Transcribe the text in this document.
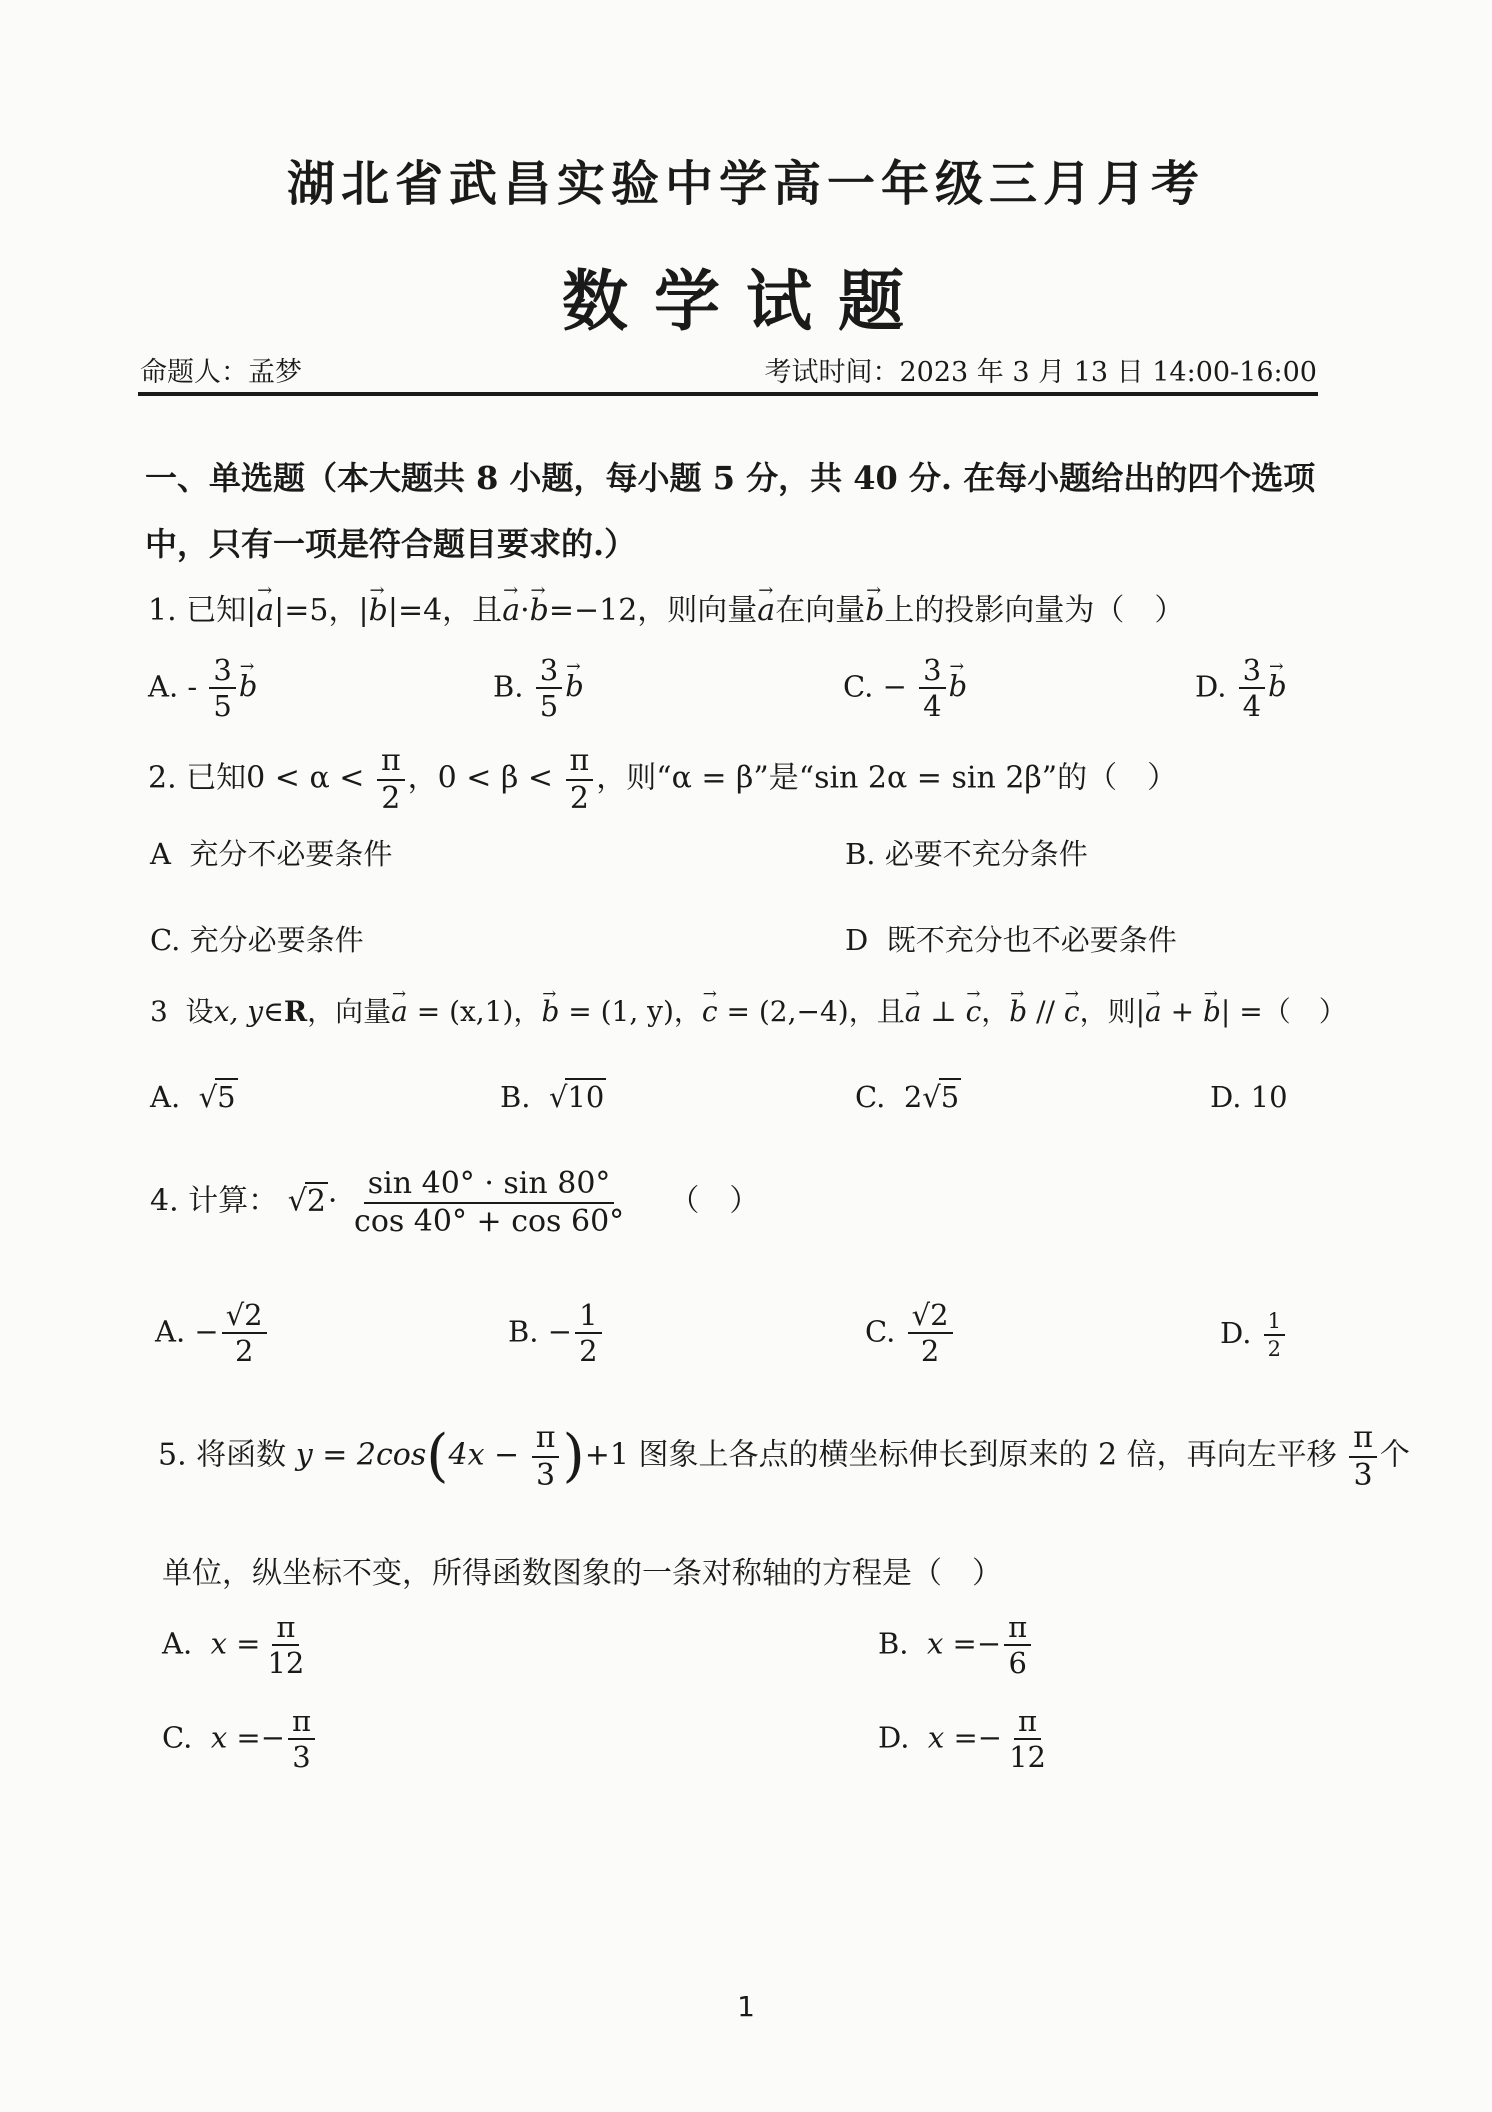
湖北省武昌实验中学高一年级三月月考
数学试题
命题人：孟梦	考试时间：2023 年 3 月 13 日 14:00-16:00
一、单选题（本大题共 8 小题，每小题 5 分，共 40 分. 在每小题给出的四个选项
中，只有一项是符合题目要求的.）
1. 已知|→ a|=5，|→ b|=4，且→ a·→ b=−12，则向量→ a在向量→ b上的投影向量为（　）
A. - $\frac{3}{5}$
→ b	B. $\frac{3}{5}$
→ b	C. − $\frac{3}{4}$
→ b	D. $\frac{3}{4}$
→ b
2. 已知$0 < \alpha < \frac{\pi}{2}$ ，$0 < \beta < \frac{\pi}{2}$ ，则“α = β”是“sin 2α = sin 2β”的（　）
A 充分不必要条件	B. 必要不充分条件
C. 充分必要条件	D 既不充分也不必要条件
3 设x, y∈R，向量→ a = (x,1)，→ b = (1, y)，→ c = (2,−4)，且→ a ⊥ → c，→ b // → c，则|→ a + → b| =（　）
A.  √5	B.  √10	C. 2√5	D. 10
4. 计算： $√2\cdot \frac{\sin 40^\circ \cdot \sin 80^\circ}{\cos 40^\circ + \cos 60^\circ}$ （　）
A. − $\frac{√2}{2}$	B. − $\frac{1}{2}$	C. $\frac{√2}{2}$	D. $\frac{1}{2}$
5. 将函数 $y = 2\cos(4x - \frac{\pi}{3} )+1$ 图象上各点的横坐标伸长到原来的 2 倍，再向左平移 $\frac{\pi}{3}$ 个
单位，纵坐标不变，所得函数图象的一条对称轴的方程是（　）
A. $x = \frac{\pi}{12}$	B. $x =- \frac{\pi}{6}$
C. $x =- \frac{\pi}{3}$	D. $x =- \frac{\pi}{12}$
1
